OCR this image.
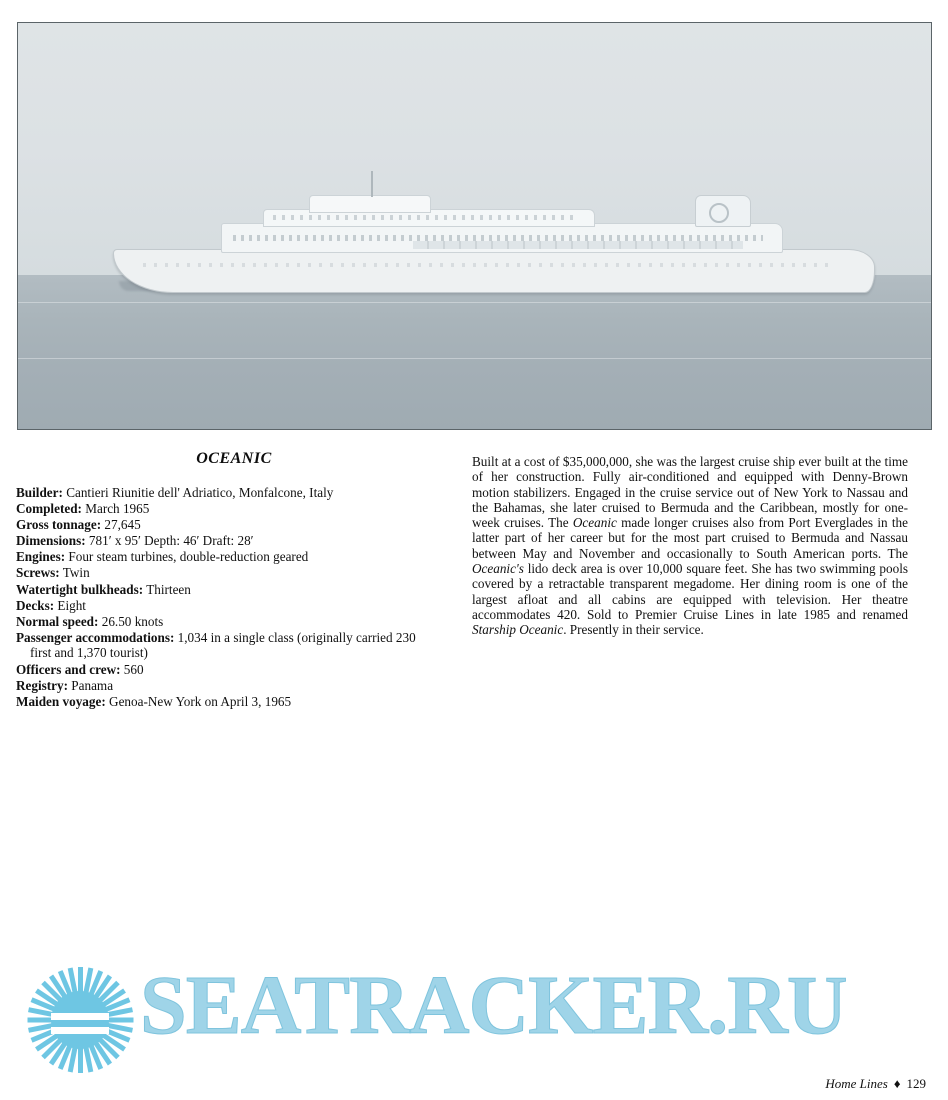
OCEANIC
Builder: Cantieri Riunitie dell' Adriatico, Monfalcone, Italy
Completed: March 1965
Gross tonnage: 27,645
Dimensions: 781′ x 95′ Depth: 46′ Draft: 28′
Engines: Four steam turbines, double-reduction geared
Screws: Twin
Watertight bulkheads: Thirteen
Decks: Eight
Normal speed: 26.50 knots
Passenger accommodations: 1,034 in a single class (originally carried 230
first and 1,370 tourist)
Officers and crew: 560
Registry: Panama
Maiden voyage: Genoa-New York on April 3, 1965
Built at a cost of $35,000,000, she was the largest cruise ship ever built at the time of her construction. Fully air-conditioned and equipped with Denny-Brown motion stabilizers. Engaged in the cruise service out of New York to Nassau and the Bahamas, she later cruised to Bermuda and the Caribbean, mostly for one-week cruises. The Oceanic made longer cruises also from Port Everglades in the latter part of her career but for the most part cruised to Bermuda and Nassau between May and November and occasionally to South American ports. The Oceanic's lido deck area is over 10,000 square feet. She has two swimming pools covered by a retractable transparent megadome. Her dining room is one of the largest afloat and all cabins are equipped with television. Her theatre accommodates 420. Sold to Premier Cruise Lines in late 1985 and renamed Starship Oceanic. Presently in their service.
SEATRACKER.RU
Home Lines ♦ 129
